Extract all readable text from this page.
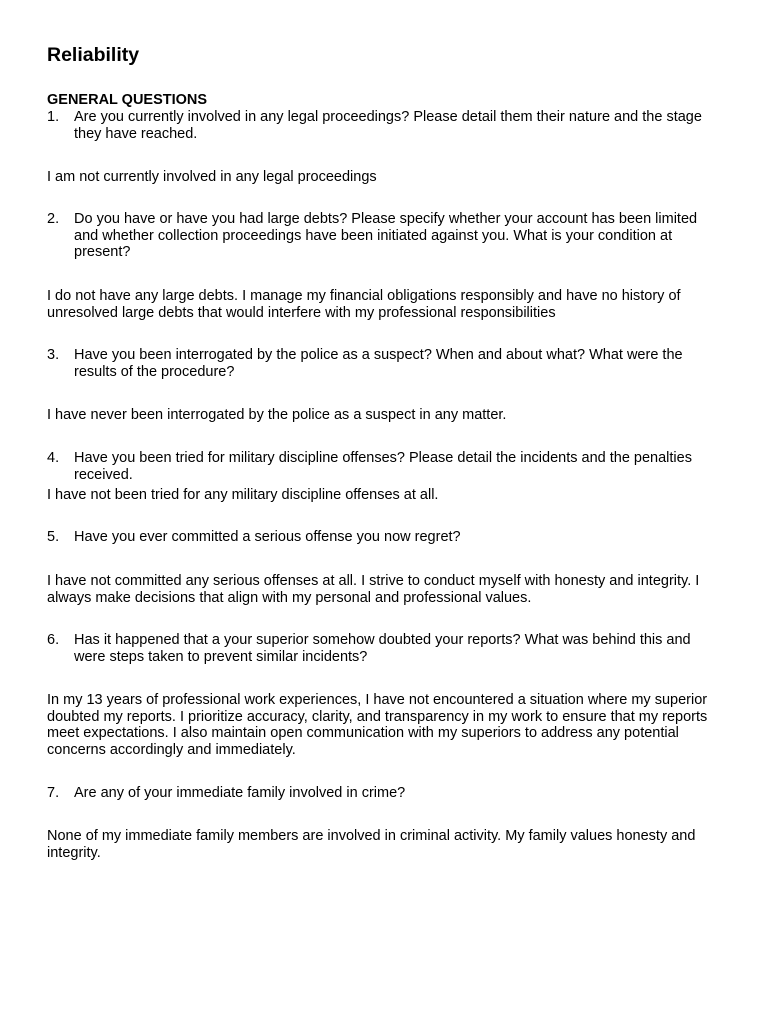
Reliability
GENERAL QUESTIONS
1.	Are you currently involved in any legal proceedings? Please detail them their nature and the stage they have reached.
I am not currently involved in any legal proceedings
2.	Do you have or have you had large debts? Please specify whether your account has been limited and whether collection proceedings have been initiated against you. What is your condition at present?
I do not have any large debts. I manage my financial obligations responsibly and have no history of unresolved large debts that would interfere with my professional responsibilities
3.	Have you been interrogated by the police as a suspect? When and about what? What were the results of the procedure?
I have never been interrogated by the police as a suspect in any matter.
4.	Have you been tried for military discipline offenses? Please detail the incidents and the penalties received.
I have not been tried for any military discipline offenses at all.
5.	Have you ever committed a serious offense you now regret?
I have not committed any serious offenses at all. I strive to conduct myself with honesty and integrity. I always make decisions that align with my personal and professional values.
6.	Has it happened that a your superior somehow doubted your reports? What was behind this and were steps taken to prevent similar incidents?
In my 13 years of professional work experiences, I have not encountered a situation where my superior doubted my reports. I prioritize accuracy, clarity, and transparency in my work to ensure that my reports meet expectations. I also maintain open communication with my superiors to address any potential concerns accordingly and immediately.
7.	Are any of your immediate family involved in crime?
None of my immediate family members are involved in criminal activity. My family values honesty and integrity.
